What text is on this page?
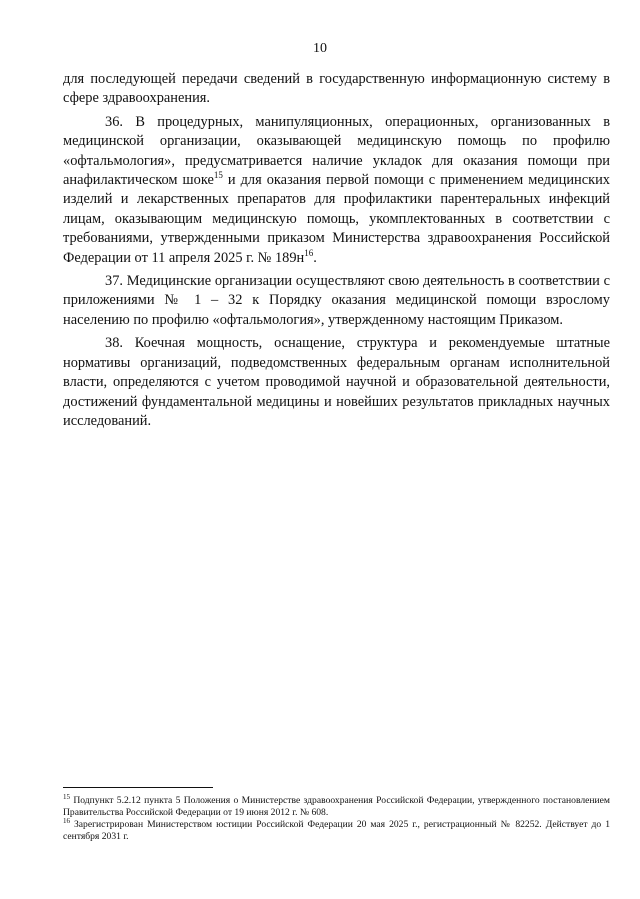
10

для последующей передачи сведений в государственную информационную систему в сфере здравоохранения.

36. В процедурных, манипуляционных, операционных, организованных в медицинской организации, оказывающей медицинскую помощь по профилю «офтальмология», предусматривается наличие укладок для оказания помощи при анафилактическом шоке$^{15}$ и для оказания первой помощи с применением медицинских изделий и лекарственных препаратов для профилактики парентеральных инфекций лицам, оказывающим медицинскую помощь, укомплектованных в соответствии с требованиями, утвержденными приказом Министерства здравоохранения Российской Федерации от 11 апреля 2025 г. № $189н^{16}$.

37. Медицинские организации осуществляют свою деятельность в соответствии с приложениями № 1 – 32 к Порядку оказания медицинской помощи взрослому населению по профилю «офтальмология», утвержденному настоящим Приказом.

38. Коечная мощность, оснащение, структура и рекомендуемые штатные нормативы организаций, подведомственных федеральным органам исполнительной власти, определяются с учетом проводимой научной и образовательной деятельности, достижений фундаментальной медицины и новейших результатов прикладных научных исследований.

$^{15}$ Подпункт 5.2.12 пункта 5 Положения о Министерстве здравоохранения Российской Федерации, утвержденного постановлением Правительства Российской Федерации от 19 июня 2012 г. № 608.

$^{16}$ Зарегистрирован Министерством юстиции Российской Федерации 20 мая 2025 г., регистрационный № 82252. Действует до 1 сентября 2031 г.
